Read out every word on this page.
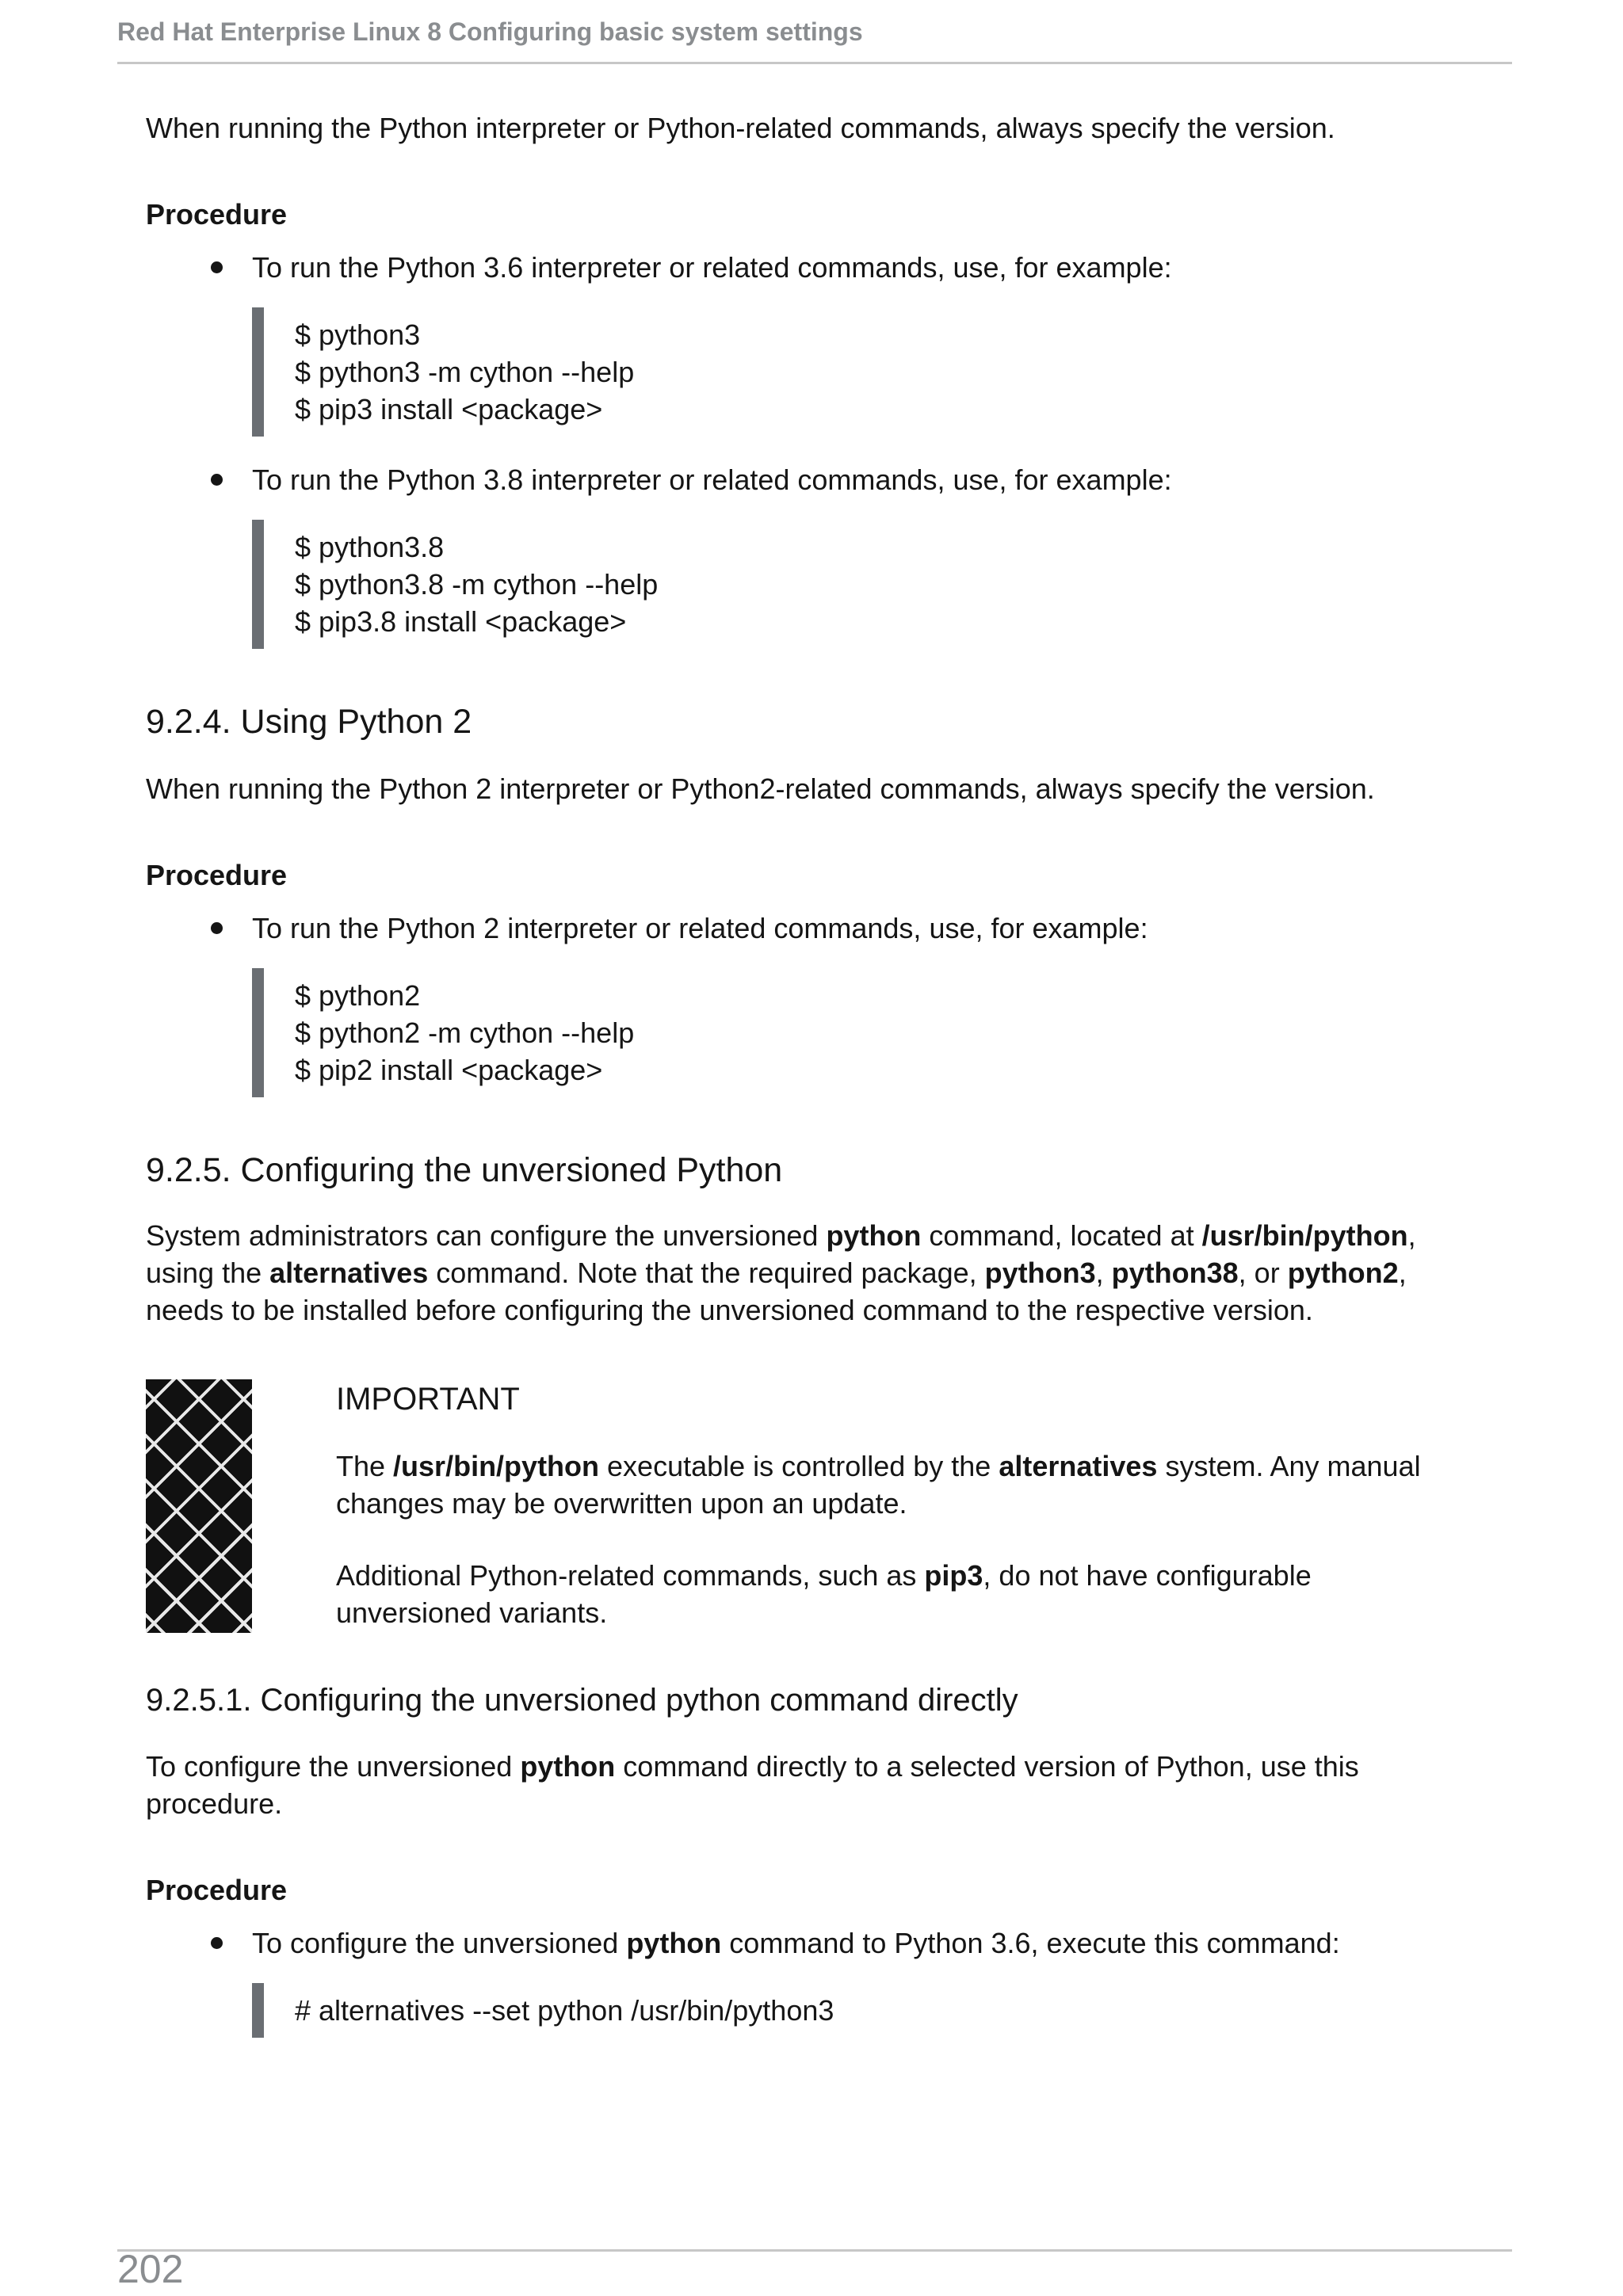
Red Hat Enterprise Linux 8 Configuring basic system settings

When running the Python interpreter or Python-related commands, always specify the version.

Procedure

To run the Python 3.6 interpreter or related commands, use, for example:
$ python3
$ python3 -m cython --help
$ pip3 install <package>
To run the Python 3.8 interpreter or related commands, use, for example:
$ python3.8
$ python3.8 -m cython --help
$ pip3.8 install <package>
9.2.4. Using Python 2

When running the Python 2 interpreter or Python2-related commands, always specify the version.

Procedure

To run the Python 2 interpreter or related commands, use, for example:
$ python2
$ python2 -m cython --help
$ pip2 install <package>
9.2.5. Configuring the unversioned Python

System administrators can configure the unversioned python command, located at /usr/bin/python, using the alternatives command. Note that the required package, python3, python38, or python2, needs to be installed before configuring the unversioned command to the respective version.

IMPORTANT

The /usr/bin/python executable is controlled by the alternatives system. Any manual changes may be overwritten upon an update.

Additional Python-related commands, such as pip3, do not have configurable unversioned variants.

9.2.5.1. Configuring the unversioned python command directly

To configure the unversioned python command directly to a selected version of Python, use this procedure.

Procedure

To configure the unversioned python command to Python 3.6, execute this command:
# alternatives --set python /usr/bin/python3
202
